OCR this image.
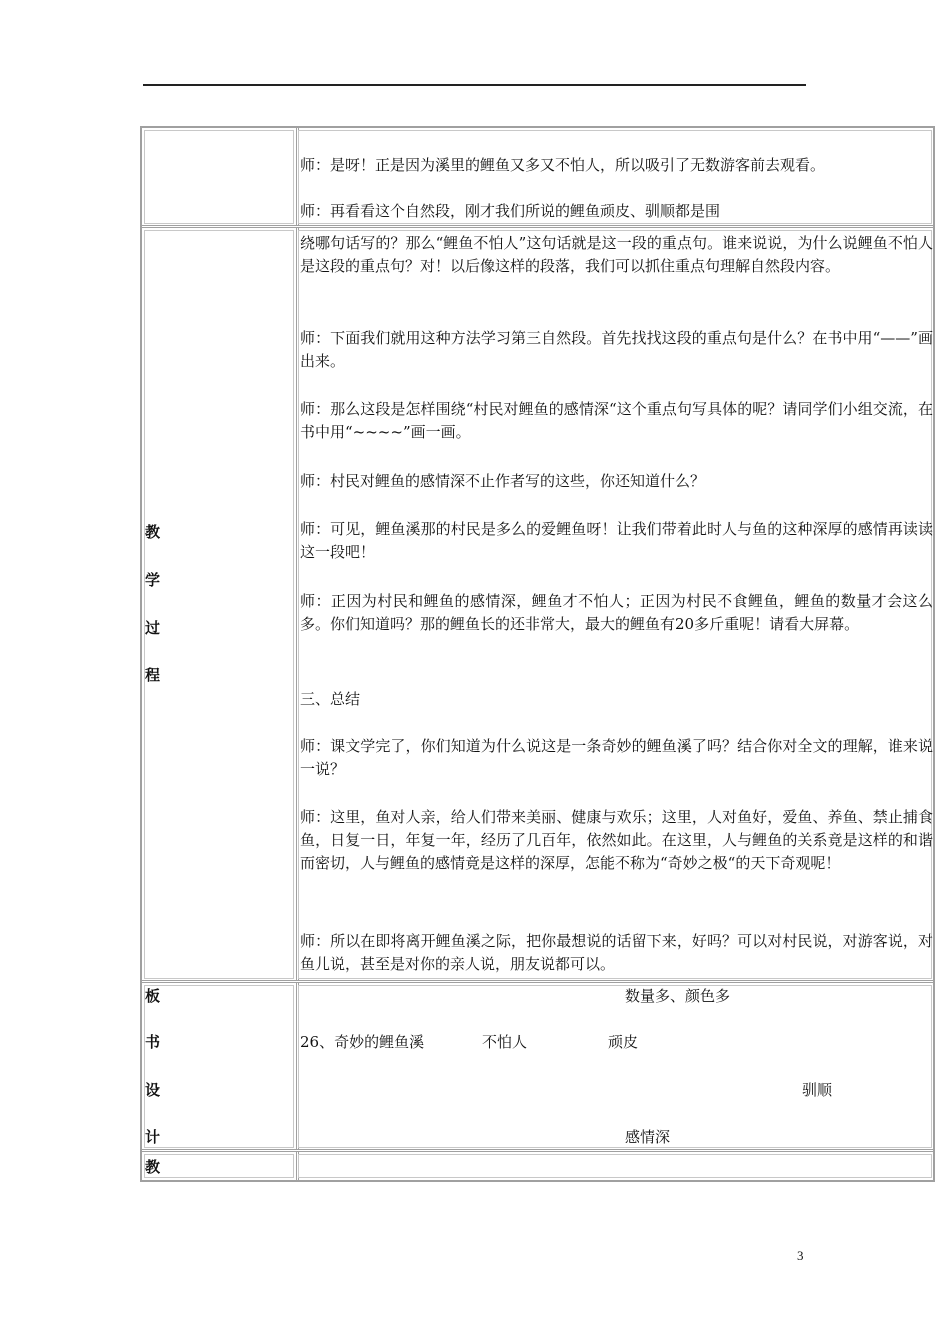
师：是呀！正是因为溪里的鲤鱼又多又不怕人，所以吸引了无数游客前去观看。
师：再看看这个自然段，刚才我们所说的鲤鱼顽皮、驯顺都是围
教
学
过
程
绕哪句话写的？那么“鲤鱼不怕人”这句话就是这一段的重点句。谁来说说，为什么说鲤鱼不怕人是这段的重点句？对！以后像这样的段落，我们可以抓住重点句理解自然段内容。
师：下面我们就用这种方法学习第三自然段。首先找找这段的重点句是什么？在书中用“——”画出来。
师：那么这段是怎样围绕“村民对鲤鱼的感情深“这个重点句写具体的呢？请同学们小组交流，在书中用“~~~~”画一画。
师：村民对鲤鱼的感情深不止作者写的这些，你还知道什么？
师：可见，鲤鱼溪那的村民是多么的爱鲤鱼呀！让我们带着此时人与鱼的这种深厚的感情再读读这一段吧！
师：正因为村民和鲤鱼的感情深，鲤鱼才不怕人；正因为村民不食鲤鱼，鲤鱼的数量才会这么多。你们知道吗？那的鲤鱼长的还非常大，最大的鲤鱼有20多斤重呢！请看大屏幕。
三、总结
师：课文学完了，你们知道为什么说这是一条奇妙的鲤鱼溪了吗？结合你对全文的理解，谁来说一说？
师：这里，鱼对人亲，给人们带来美丽、健康与欢乐；这里，人对鱼好，爱鱼、养鱼、禁止捕食鱼，日复一日，年复一年，经历了几百年，依然如此。在这里，人与鲤鱼的关系竟是这样的和谐而密切，人与鲤鱼的感情竟是这样的深厚，怎能不称为“奇妙之极“的天下奇观呢！
师：所以在即将离开鲤鱼溪之际，把你最想说的话留下来，好吗？可以对村民说，对游客说，对鱼儿说，甚至是对你的亲人说，朋友说都可以。
板
书
设
计
数量多、颜色多
26、奇妙的鲤鱼溪	不怕人	顽皮
驯顺
感情深
教
3
